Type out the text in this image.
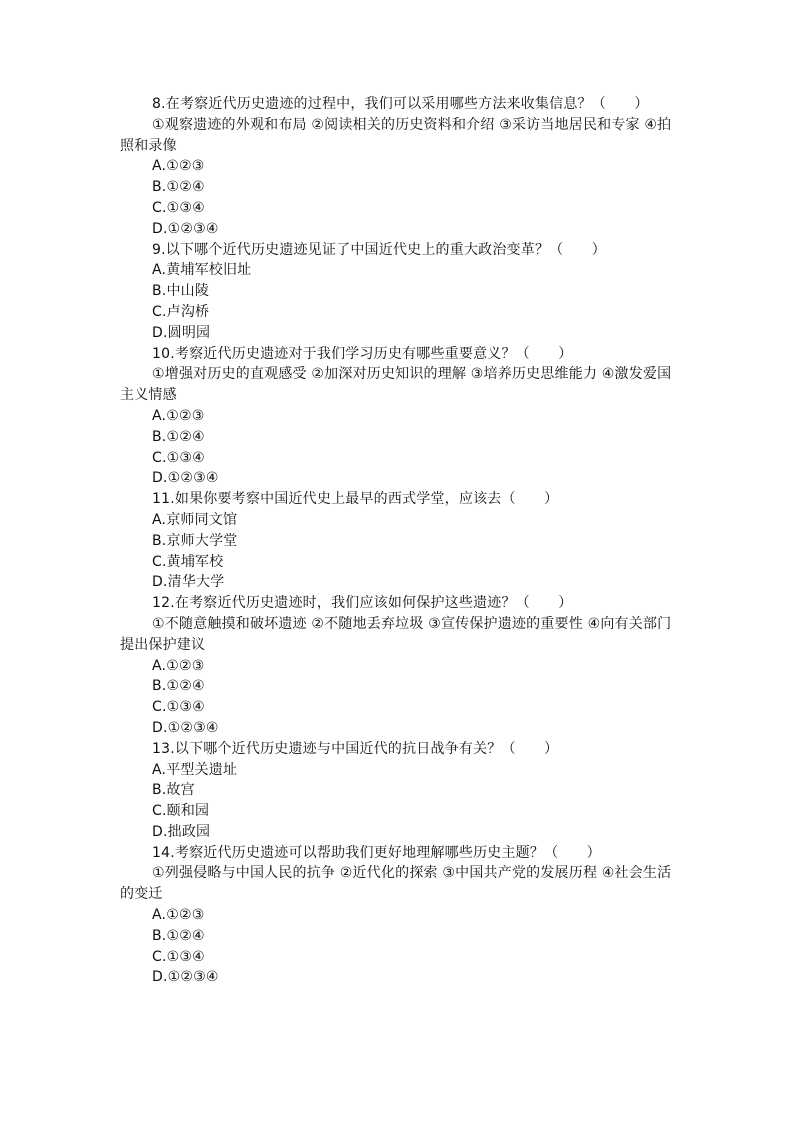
8.在考察近代历史遗迹的过程中，我们可以采用哪些方法来收集信息？（　　）

①观察遗迹的外观和布局 ②阅读相关的历史资料和介绍 ③采访当地居民和专家 ④拍照和录像

A.①②③
B.①②④
C.①③④
D.①②③④

9.以下哪个近代历史遗迹见证了中国近代史上的重大政治变革？（　　）

A.黄埔军校旧址
B.中山陵
C.卢沟桥
D.圆明园

10.考察近代历史遗迹对于我们学习历史有哪些重要意义？（　　）

①增强对历史的直观感受 ②加深对历史知识的理解 ③培养历史思维能力 ④激发爱国主义情感

A.①②③
B.①②④
C.①③④
D.①②③④

11.如果你要考察中国近代史上最早的西式学堂，应该去（　　）

A.京师同文馆
B.京师大学堂
C.黄埔军校
D.清华大学

12.在考察近代历史遗迹时，我们应该如何保护这些遗迹？（　　）

①不随意触摸和破坏遗迹 ②不随地丢弃垃圾 ③宣传保护遗迹的重要性 ④向有关部门提出保护建议

A.①②③
B.①②④
C.①③④
D.①②③④

13.以下哪个近代历史遗迹与中国近代的抗日战争有关？（　　）

A.平型关遗址
B.故宫
C.颐和园
D.拙政园

14.考察近代历史遗迹可以帮助我们更好地理解哪些历史主题？（　　）

①列强侵略与中国人民的抗争 ②近代化的探索 ③中国共产党的发展历程 ④社会生活的变迁

A.①②③
B.①②④
C.①③④
D.①②③④
